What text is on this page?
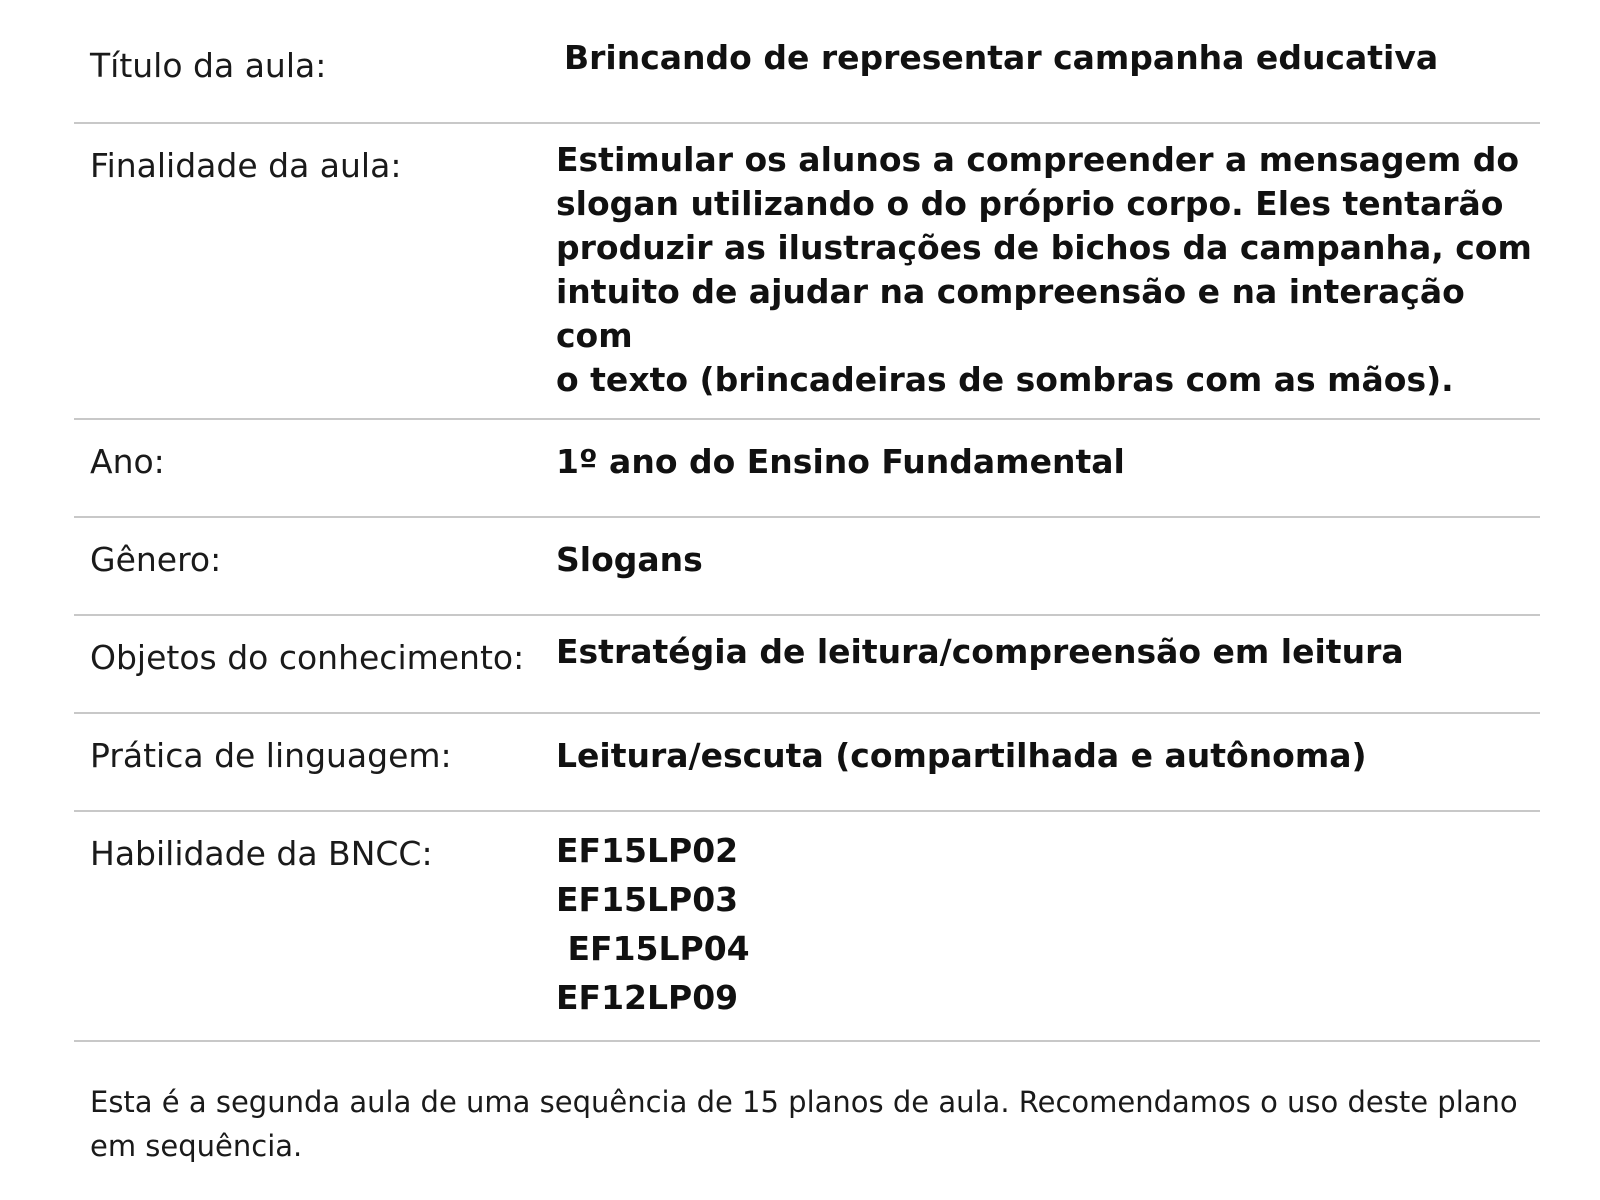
Título da aula:	Brincando de representar campanha educativa
Finalidade da aula:	Estimular os alunos a compreender a mensagem do
slogan utilizando o do próprio corpo. Eles tentarão
produzir as ilustrações de bichos da campanha, com
intuito de ajudar na compreensão e na interação
com
o texto (brincadeiras de sombras com as mãos).
Ano:	1º ano do Ensino Fundamental
Gênero:	Slogans
Objetos do conhecimento: Estratégia de leitura/compreensão em leitura
Prática de linguagem:	Leitura/escuta (compartilhada e autônoma)
Habilidade da BNCC:	EF15LP02
EF15LP03
EF15LP04
EF12LP09
Esta é a segunda aula de uma sequência de 15 planos de aula. Recomendamos o uso deste plano em sequência.
